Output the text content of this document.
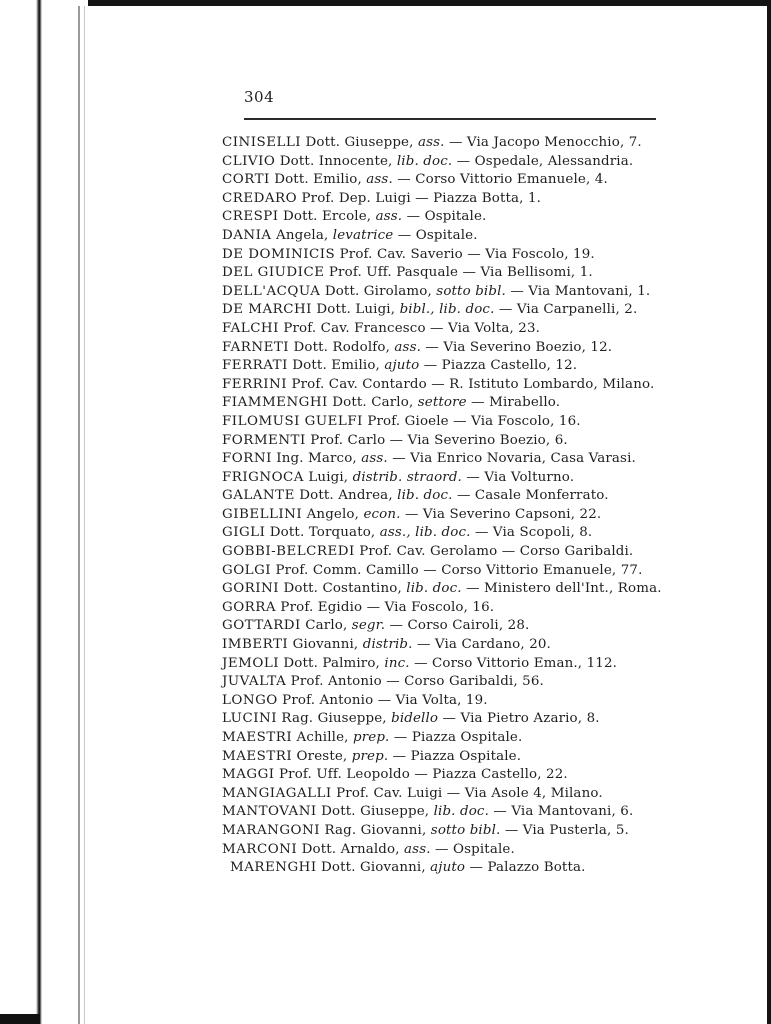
304
CINISELLI Dott. Giuseppe, ass. — Via Jacopo Menocchio, 7.
CLIVIO Dott. Innocente, lib. doc. — Ospedale, Alessandria.
CORTI Dott. Emilio, ass. — Corso Vittorio Emanuele, 4.
CREDARO Prof. Dep. Luigi — Piazza Botta, 1.
CRESPI Dott. Ercole, ass. — Ospitale.
DANIA Angela, levatrice — Ospitale.
DE DOMINICIS Prof. Cav. Saverio — Via Foscolo, 19.
DEL GIUDICE Prof. Uff. Pasquale — Via Bellisomi, 1.
DELL'ACQUA Dott. Girolamo, sotto bibl. — Via Mantovani, 1.
DE MARCHI Dott. Luigi, bibl., lib. doc. — Via Carpanelli, 2.
FALCHI Prof. Cav. Francesco — Via Volta, 23.
FARNETI Dott. Rodolfo, ass. — Via Severino Boezio, 12.
FERRATI Dott. Emilio, ajuto — Piazza Castello, 12.
FERRINI Prof. Cav. Contardo — R. Istituto Lombardo, Milano.
FIAMMENGHI Dott. Carlo, settore — Mirabello.
FILOMUSI GUELFI Prof. Gioele — Via Foscolo, 16.
FORMENTI Prof. Carlo — Via Severino Boezio, 6.
FORNI Ing. Marco, ass. — Via Enrico Novaria, Casa Varasi.
FRIGNOCA Luigi, distrib. straord. — Via Volturno.
GALANTE Dott. Andrea, lib. doc. — Casale Monferrato.
GIBELLINI Angelo, econ. — Via Severino Capsoni, 22.
GIGLI Dott. Torquato, ass., lib. doc. — Via Scopoli, 8.
GOBBI-BELCREDI Prof. Cav. Gerolamo — Corso Garibaldi.
GOLGI Prof. Comm. Camillo — Corso Vittorio Emanuele, 77.
GORINI Dott. Costantino, lib. doc. — Ministero dell'Int., Roma.
GORRA Prof. Egidio — Via Foscolo, 16.
GOTTARDI Carlo, segr. — Corso Cairoli, 28.
IMBERTI Giovanni, distrib. — Via Cardano, 20.
JEMOLI Dott. Palmiro, inc. — Corso Vittorio Eman., 112.
JUVALTA Prof. Antonio — Corso Garibaldi, 56.
LONGO Prof. Antonio — Via Volta, 19.
LUCINI Rag. Giuseppe, bidello — Via Pietro Azario, 8.
MAESTRI Achille, prep. — Piazza Ospitale.
MAESTRI Oreste, prep. — Piazza Ospitale.
MAGGI Prof. Uff. Leopoldo — Piazza Castello, 22.
MANGIAGALLI Prof. Cav. Luigi — Via Asole 4, Milano.
MANTOVANI Dott. Giuseppe, lib. doc. — Via Mantovani, 6.
MARANGONI Rag. Giovanni, sotto bibl. — Via Pusterla, 5.
MARCONI Dott. Arnaldo, ass. — Ospitale.
MARENGHI Dott. Giovanni, ajuto — Palazzo Botta.
